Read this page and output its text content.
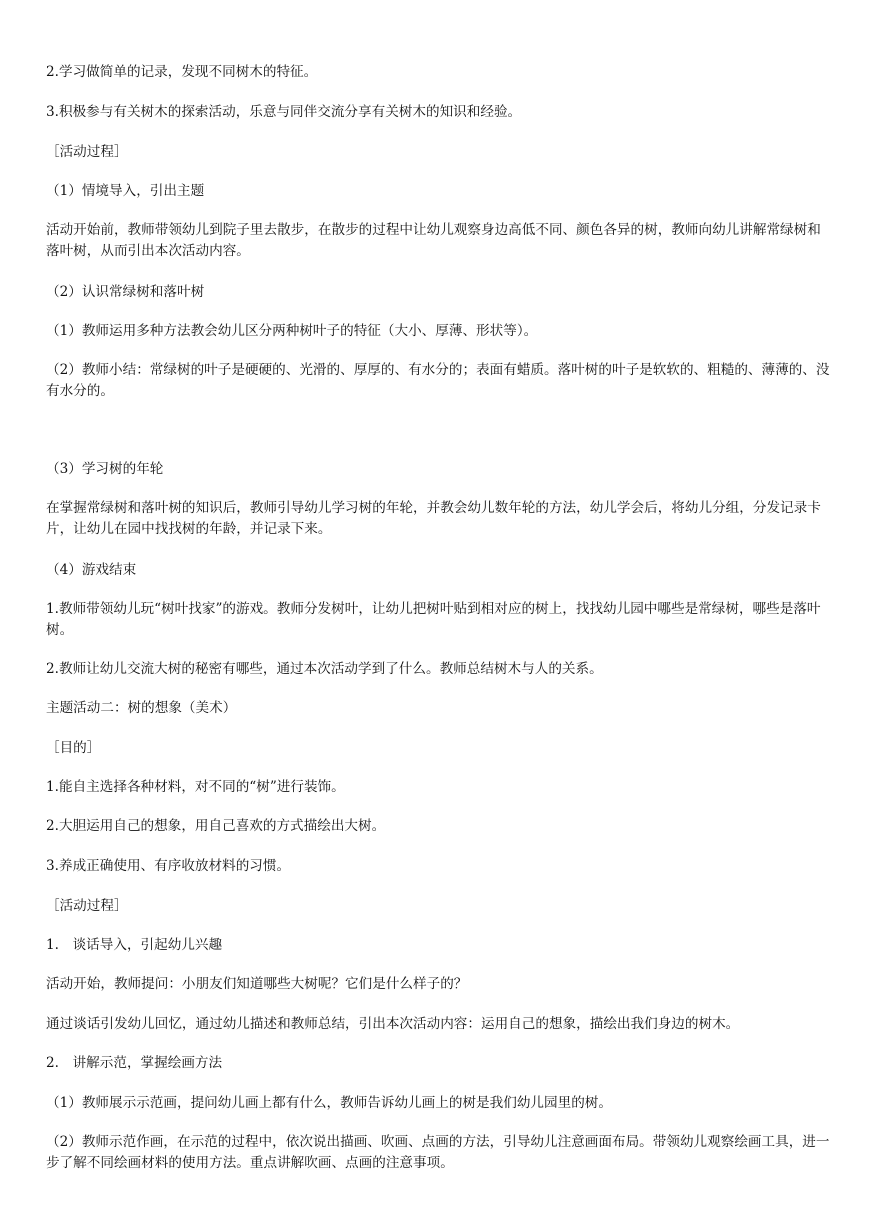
2.学习做简单的记录，发现不同树木的特征。

3.积极参与有关树木的探索活动，乐意与同伴交流分享有关树木的知识和经验。

［活动过程］

（1）情境导入，引出主题

活动开始前，教师带领幼儿到院子里去散步，在散步的过程中让幼儿观察身边高低不同、颜色各异的树，教师向幼儿讲解常绿树和落叶树，从而引出本次活动内容。

（2）认识常绿树和落叶树

（1）教师运用多种方法教会幼儿区分两种树叶子的特征（大小、厚薄、形状等）。

（2）教师小结：常绿树的叶子是硬硬的、光滑的、厚厚的、有水分的；表面有蜡质。落叶树的叶子是软软的、粗糙的、薄薄的、没有水分的。

（3）学习树的年轮

在掌握常绿树和落叶树的知识后，教师引导幼儿学习树的年轮，并教会幼儿数年轮的方法，幼儿学会后，将幼儿分组，分发记录卡片，让幼儿在园中找找树的年龄，并记录下来。

（4）游戏结束

1.教师带领幼儿玩“树叶找家”的游戏。教师分发树叶，让幼儿把树叶贴到相对应的树上，找找幼儿园中哪些是常绿树，哪些是落叶树。

2.教师让幼儿交流大树的秘密有哪些，通过本次活动学到了什么。教师总结树木与人的关系。

主题活动二：树的想象（美术）

［目的］

1.能自主选择各种材料，对不同的“树”进行装饰。

2.大胆运用自己的想象，用自己喜欢的方式描绘出大树。

3.养成正确使用、有序收放材料的习惯。

［活动过程］

1.　谈话导入，引起幼儿兴趣

活动开始，教师提问：小朋友们知道哪些大树呢？它们是什么样子的？

通过谈话引发幼儿回忆，通过幼儿描述和教师总结，引出本次活动内容：运用自己的想象，描绘出我们身边的树木。

2.　讲解示范，掌握绘画方法

（1）教师展示示范画，提问幼儿画上都有什么，教师告诉幼儿画上的树是我们幼儿园里的树。

（2）教师示范作画，在示范的过程中，依次说出描画、吹画、点画的方法，引导幼儿注意画面布局。带领幼儿观察绘画工具，进一步了解不同绘画材料的使用方法。重点讲解吹画、点画的注意事项。
